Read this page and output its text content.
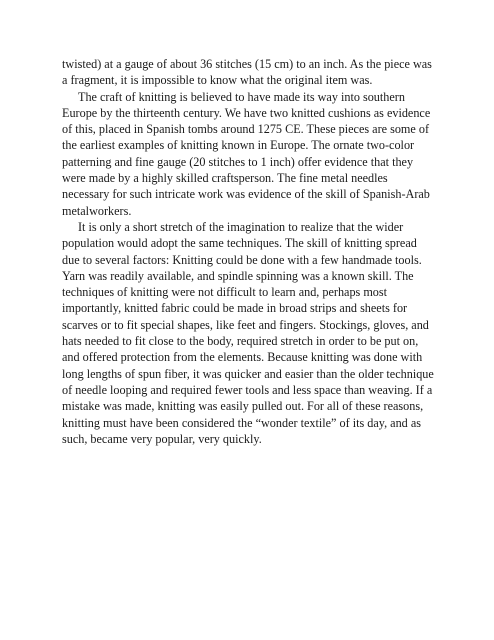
twisted) at a gauge of about 36 stitches (15 cm) to an inch. As the piece was a fragment, it is impossible to know what the original item was.

The craft of knitting is believed to have made its way into southern Europe by the thirteenth century. We have two knitted cushions as evidence of this, placed in Spanish tombs around 1275 CE. These pieces are some of the earliest examples of knitting known in Europe. The ornate two-color patterning and fine gauge (20 stitches to 1 inch) offer evidence that they were made by a highly skilled craftsperson. The fine metal needles necessary for such intricate work was evidence of the skill of Spanish-Arab metalworkers.

It is only a short stretch of the imagination to realize that the wider population would adopt the same techniques. The skill of knitting spread due to several factors: Knitting could be done with a few handmade tools. Yarn was readily available, and spindle spinning was a known skill. The techniques of knitting were not difficult to learn and, perhaps most importantly, knitted fabric could be made in broad strips and sheets for scarves or to fit special shapes, like feet and fingers. Stockings, gloves, and hats needed to fit close to the body, required stretch in order to be put on, and offered protection from the elements. Because knitting was done with long lengths of spun fiber, it was quicker and easier than the older technique of needle looping and required fewer tools and less space than weaving. If a mistake was made, knitting was easily pulled out. For all of these reasons, knitting must have been considered the “wonder textile” of its day, and as such, became very popular, very quickly.
